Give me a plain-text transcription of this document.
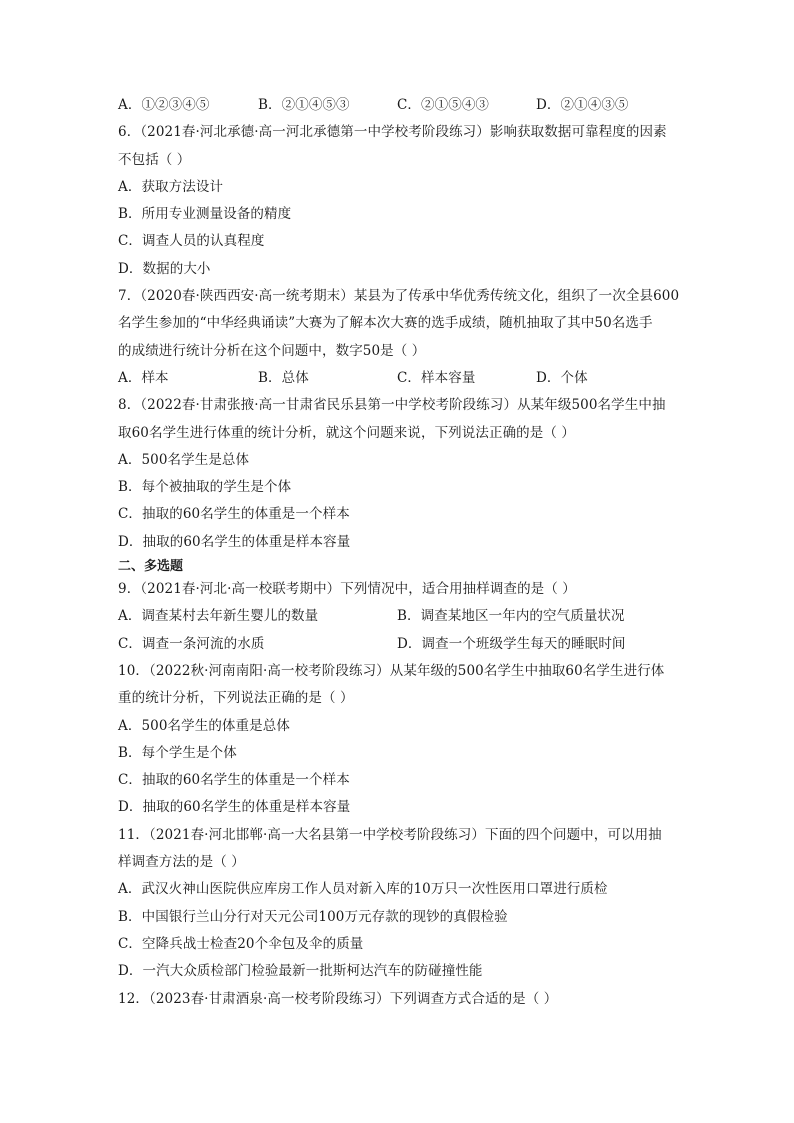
A．①②③④⑤	B．②①④⑤③	C．②①⑤④③	D．②①④③⑤
6．（2021春·河北承德·高一河北承德第一中学校考阶段练习）影响获取数据可靠程度的因素
不包括（ ）
A．获取方法设计
B．所用专业测量设备的精度
C．调查人员的认真程度
D．数据的大小
7．（2020春·陕西西安·高一统考期末）某县为了传承中华优秀传统文化，组织了一次全县600
名学生参加的“中华经典诵读”大赛为了解本次大赛的选手成绩，随机抽取了其中50名选手
的成绩进行统计分析在这个问题中，数字50是（ ）
A．样本	B．总体	C．样本容量	D．个体
8．（2022春·甘肃张掖·高一甘肃省民乐县第一中学校考阶段练习）从某年级500名学生中抽
取60名学生进行体重的统计分析，就这个问题来说，下列说法正确的是（ ）
A．500名学生是总体
B．每个被抽取的学生是个体
C．抽取的60名学生的体重是一个样本
D．抽取的60名学生的体重是样本容量
二、多选题
9．（2021春·河北·高一校联考期中）下列情况中，适合用抽样调查的是（ ）
A．调查某村去年新生婴儿的数量	B．调查某地区一年内的空气质量状况
C．调查一条河流的水质	D．调查一个班级学生每天的睡眠时间
10．（2022秋·河南南阳·高一校考阶段练习）从某年级的500名学生中抽取60名学生进行体
重的统计分析，下列说法正确的是（ ）
A．500名学生的体重是总体
B．每个学生是个体
C．抽取的60名学生的体重是一个样本
D．抽取的60名学生的体重是样本容量
11．（2021春·河北邯郸·高一大名县第一中学校考阶段练习）下面的四个问题中，可以用抽
样调查方法的是（ ）
A．武汉火神山医院供应库房工作人员对新入库的10万只一次性医用口罩进行质检
B．中国银行兰山分行对天元公司100万元存款的现钞的真假检验
C．空降兵战士检查20个伞包及伞的质量
D．一汽大众质检部门检验最新一批斯柯达汽车的防碰撞性能
12．（2023春·甘肃酒泉·高一校考阶段练习）下列调查方式合适的是（ ）
